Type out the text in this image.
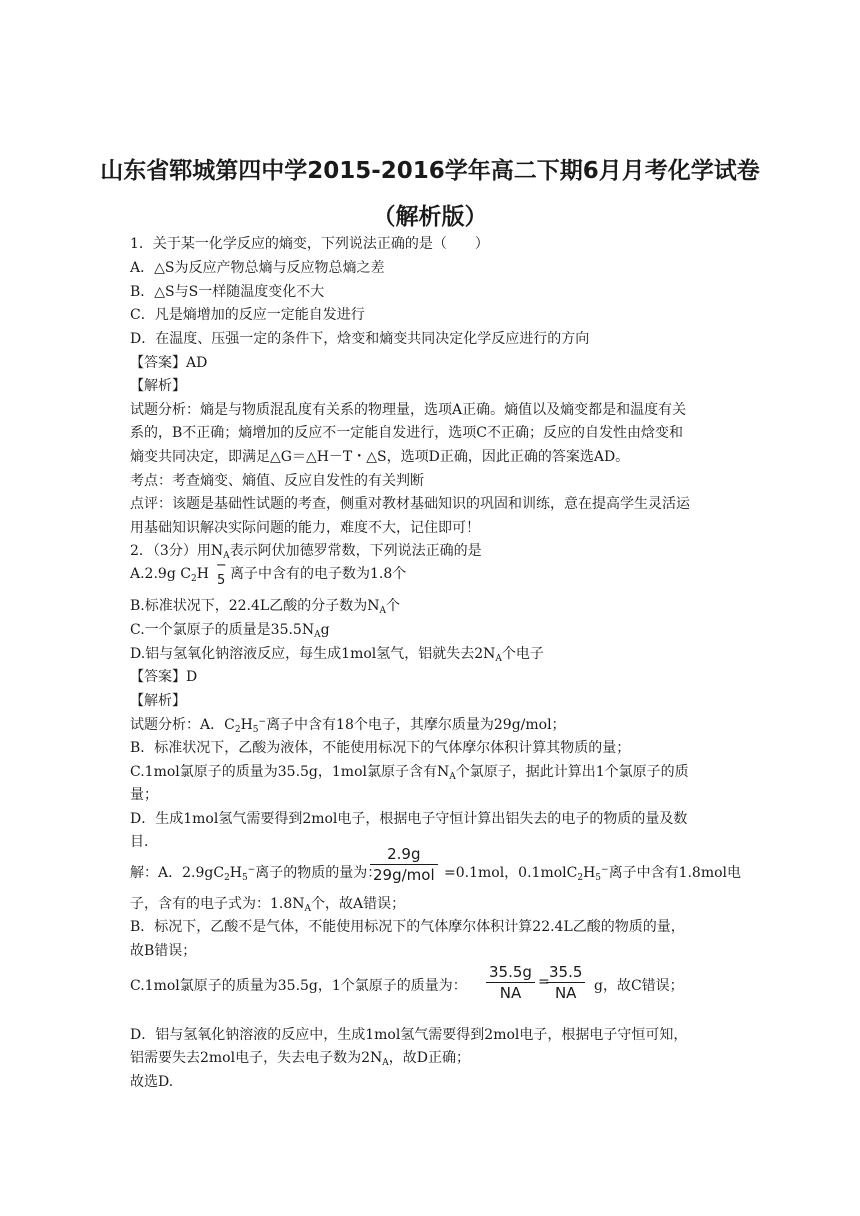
山东省郓城第四中学2015-2016学年高二下期6月月考化学试卷
（解析版）
1．关于某一化学反应的熵变，下列说法正确的是（　　）
A．△S为反应产物总熵与反应物总熵之差
B．△S与S一样随温度变化不大
C．凡是熵增加的反应一定能自发进行
D．在温度、压强一定的条件下，焓变和熵变共同决定化学反应进行的方向
【答案】AD
【解析】
试题分析：熵是与物质混乱度有关系的物理量，选项A正确。熵值以及熵变都是和温度有关
系的，B不正确；熵增加的反应不一定能自发进行，选项C不正确；反应的自发性由焓变和
熵变共同决定，即满足△G＝△H－T・△S，选项D正确，因此正确的答案选AD。
考点：考查熵变、熵值、反应自发性的有关判断
点评：该题是基础性试题的考查，侧重对教材基础知识的巩固和训练，意在提高学生灵活运
用基础知识解决实际问题的能力，难度不大，记住即可！
2．（3分）用$N_A$表示阿伏加德罗常数，下列说法正确的是
A.2.9g $C_2H$
−
5 离子中含有的电子数为1.8个
B.标准状况下，22.4L乙酸的分子数为$N_A$个
C.一个氯原子的质量是$35.5N_Ag$
D.铝与氢氧化钠溶液反应，每生成1mol氢气，铝就失去$2N_A$个电子
【答案】D
【解析】
试题分析：A．$C_2H_5^-$离子中含有18个电子，其摩尔质量为29g/mol；
B．标准状况下，乙酸为液体，不能使用标况下的气体摩尔体积计算其物质的量；
C.1mol氯原子的质量为35.5g，1mol氯原子含有$N_A$个氯原子，据此计算出1个氯原子的质
量；
D．生成1mol氢气需要得到2mol电子，根据电子守恒计算出铝失去的电子的物质的量及数
目．
解：A．$2.9gC_2H_5^-$离子的物质的量为：
2.9g
29g/mol =0.1mol，$0.1molC_2H_5^-$离子中含有1.8mol电
子，含有的电子式为：$1.8N_A$个，故A错误；
B．标况下，乙酸不是气体，不能使用标况下的气体摩尔体积计算22.4L乙酸的物质的量，
故B错误；
C.1mol氯原子的质量为35.5g，1个氯原子的质量为： $\frac{35.5g}{NA}$ =
$\frac{35.5}{NA}$ g，故C错误；
D．铝与氢氧化钠溶液的反应中，生成1mol氢气需要得到2mol电子，根据电子守恒可知，
铝需要失去2mol电子，失去电子数为$2N_A$，故D正确；
故选D.
